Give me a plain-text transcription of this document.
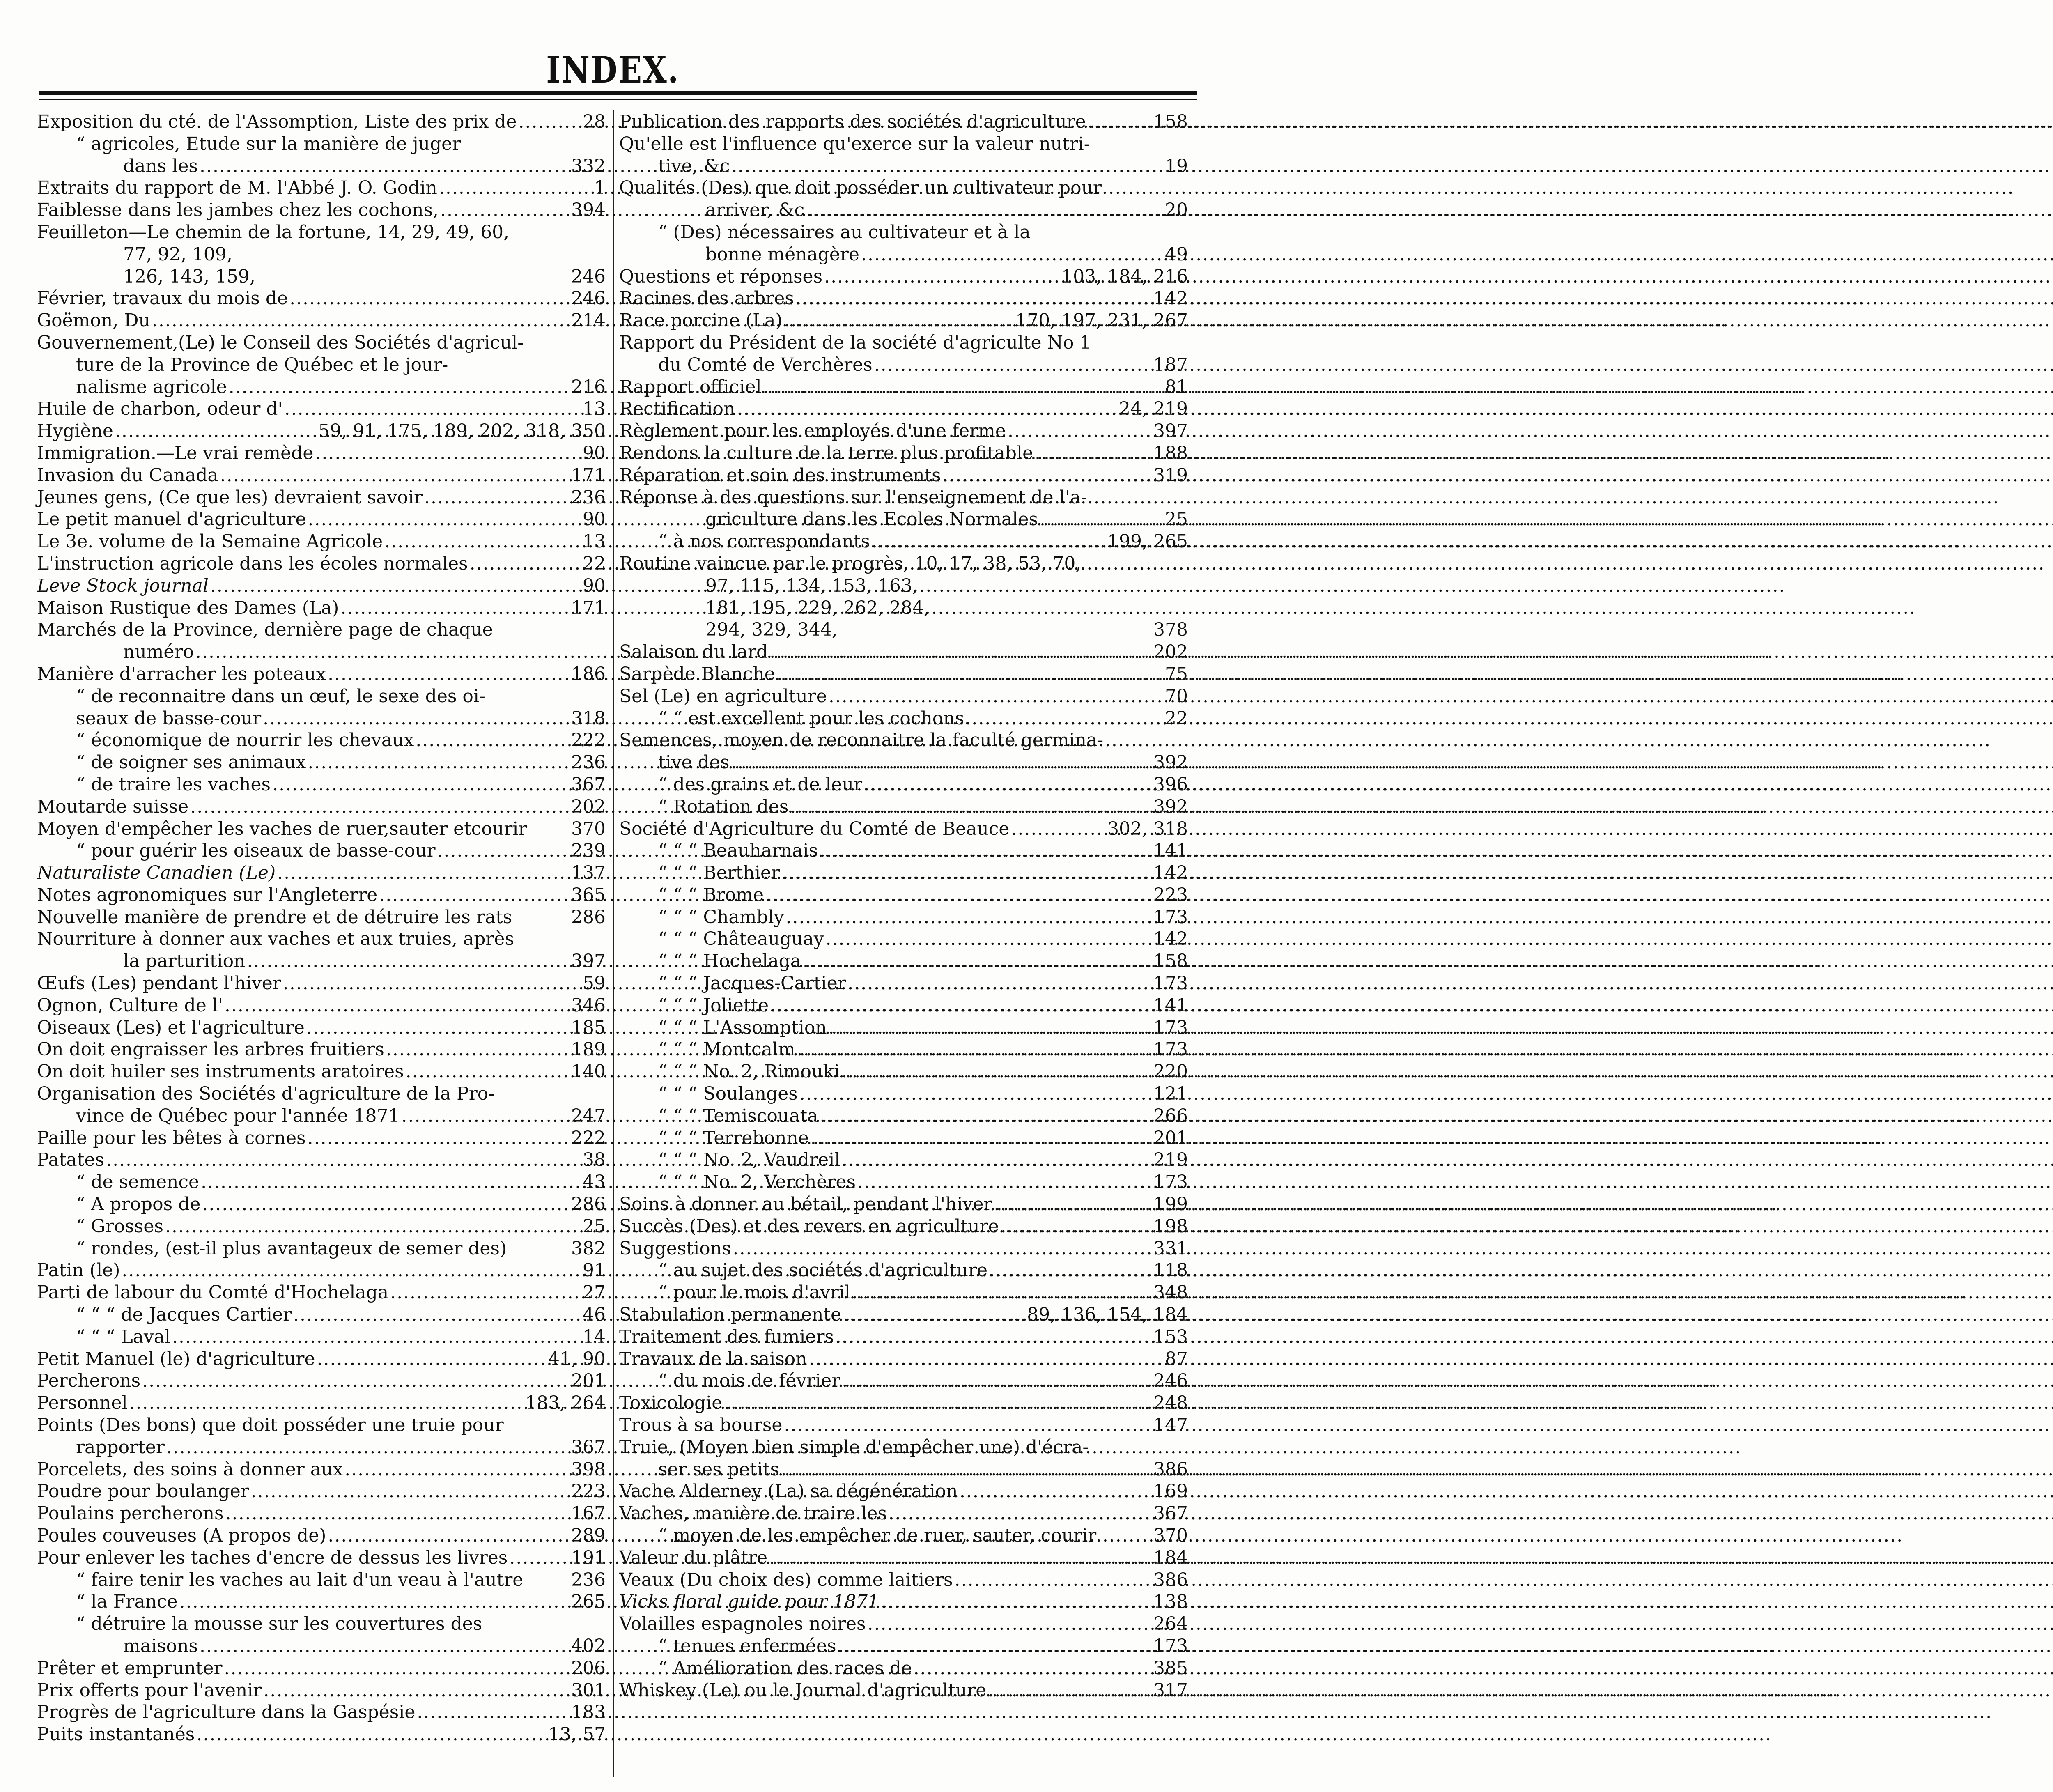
INDEX.
Exposition du cté. de l'Assomption, Liste des prix de .....	28
“ agricoles, Etude sur la manière de juger
dans les .....	332
Extraits du rapport de M. l'Abbé J. O. Godin .....	1
Faiblesse dans les jambes chez les cochons, .....	394
Feuilleton—Le chemin de la fortune, 14, 29, 49, 60,
77, 92, 109,
126, 143, 159,	246
Février, travaux du mois de .....	246
Goëmon, Du .....	214
Gouvernement,(Le) le Conseil des Sociétés d'agricul-
ture de la Province de Québec et le jour-
nalisme agricole .....	216
Huile de charbon, odeur d' .....	13
Hygiène .....	59, 91, 175, 189, 202, 318, 350
Immigration.—Le vrai remède .....	90
Invasion du Canada .....	171
Jeunes gens, (Ce que les) devraient savoir .....	236
Le petit manuel d'agriculture .....	90
Le 3e. volume de la Semaine Agricole .....	13
L'instruction agricole dans les écoles normales .....	22
Leve Stock journal .....	90
Maison Rustique des Dames (La) .....	171
Marchés de la Province, dernière page de chaque
numéro
.....
Manière d'arracher les poteaux .....	186
“ de reconnaitre dans un œuf, le sexe des oi-
seaux de basse-cour .....	318
“ économique de nourrir les chevaux .....	222
“ de soigner ses animaux .....	236
“ de traire les vaches .....	367
Moutarde suisse .....	202
Moyen d'empêcher les vaches de ruer,sauter etcourir 370
“ pour guérir les oiseaux de basse-cour .....	239
Naturaliste Canadien (Le) .....	137
Notes agronomiques sur l'Angleterre .....	365
Nouvelle manière de prendre et de détruire les rats	286
Nourriture à donner aux vaches et aux truies, après
la parturition .....	397
Œufs (Les) pendant l'hiver .....	59
Ognon, Culture de l' .....	346
Oiseaux (Les) et l'agriculture .....	185
On doit engraisser les arbres fruitiers .....	189
On doit huiler ses instruments aratoires .....	140
Organisation des Sociétés d'agriculture de la Pro-
vince de Québec pour l'année 1871 .....	247
Paille pour les bêtes à cornes .....	222
Patates .....	38
“ de semence .....	43
“ A propos de .....	286
“ Grosses .....	25
“ rondes, (est-il plus avantageux de semer des)	382
Patin (le) .....	91
Parti de labour du Comté d'Hochelaga .....	27
“ “ “ de Jacques Cartier .....	46
“ “ “ Laval .....	14
Petit Manuel (le) d'agriculture .....	41, 90
Percherons .....	201
Personnel .....	183, 264
Points (Des bons) que doit posséder une truie pour
rapporter .....	367
Porcelets, des soins à donner aux .....	398
Poudre pour boulanger .....	223
Poulains percherons .....	167
Poules couveuses (A propos de) .....	289
Pour enlever les taches d'encre de dessus les livres .....	191
“ faire tenir les vaches au lait d'un veau à l'autre	236
“ la France .....	265
“ détruire la mousse sur les couvertures des
maisons .....	402
Prêter et emprunter .....	206
Prix offerts pour l'avenir .....	301
Progrès de l'agriculture dans la Gaspésie .....	183
Puits instantanés .....	13, 57
Publication des rapports des sociétés d'agriculture .....	158
Qu'elle est l'influence qu'exerce sur la valeur nutri-
tive, &c .....	19
Qualités (Des) que doit posséder un cultivateur pour
arriver, &c .....	20
“ (Des) nécessaires au cultivateur et à la
bonne ménagère .....	49
Questions et réponses .....	103, 184, 216
Racines des arbres .....	142
Race porcine (La) .....	170, 197, 231, 267
Rapport du Président de la société d'agriculte No 1
du Comté de Verchères .....	187
Rapport officiel .....	81
Rectification .....	24, 219
Règlement pour les employés d'une ferme .....	397
Rendons la culture de la terre plus profitable .....	188
Réparation et soin des instruments .....	319
Réponse à des questions sur l'enseignement de l'a-
griculture dans les Ecoles Normales .....	25
“ à nos correspondants .....	199, 265
Routine vaincue par le progrès, 10, 17, 38, 53, 70,
97, 115, 134, 153, 163,
181, 195, 229, 262, 284,
294, 329, 344,	378
Salaison du lard .....	202
Sarpède Blanche .....	75
Sel (Le) en agriculture .....	70
“ “ est excellent pour les cochons. .....	22
Semences, moyen de reconnaitre la faculté germina-
tive des .....	392
“ des grains et de leur .....	396
“ Rotation des .....	392
Société d'Agriculture du Comté de Beauce .....	302, 318
“ “ “ Beauharnais .....	141
“ “ “ Berthier .....	142
“ “ “ Brome .....	223
“ “ “ Chambly .....	173
“ “ “ Châteauguay .....	142
“ “ “ Hochelaga .....	158
“ “ “ Jacques-Cartier .....	173
“ “ “ Joliette .....	141
“ “ “ L'Assomption .....	173
“ “ “ Montcalm .....	173
“ “ “ No. 2, Rimouki .....	220
“ “ “ Soulanges .....	121
“ “ “ Temiscouata .....	266
“ “ “ Terrebonne .....	201
“ “ “ No. 2, Vaudreil .....	219
“ “ “ No. 2, Verchères .....	173
Soins à donner au bétail, pendant l'hiver .....	199
Succès (Des) et des revers en agriculture .....	198
Suggestions .....	331
“ au sujet des sociétés d'agriculture .....	118
“ pour le mois d'avril .....	348
Stabulation permanente .....	89, 136, 154, 184
Traitement des fumiers .....	153
Travaux de la saison .....	87
“ du mois de février .....	246
Toxicologie .....	248
Trous à sa bourse .....	147
Truie, (Moyen bien simple d'empêcher une) d'écra-
ser ses petits .....	386
Vache Alderney (La) sa dégénération .....	169
Vaches, manière de traire les .....	367
“ moyen de les empêcher de ruer, sauter, courir	370
Valeur du plâtre .....	184
Veaux (Du choix des) comme laitiers .....	386
Vicks floral guide pour 1871 .....	138
Volailles espagnoles noires .....	264
“ tenues enfermées .....	173
“ Amélioration des races de .....	385
Whiskey (Le) ou le Journal d'agriculture .....	317
